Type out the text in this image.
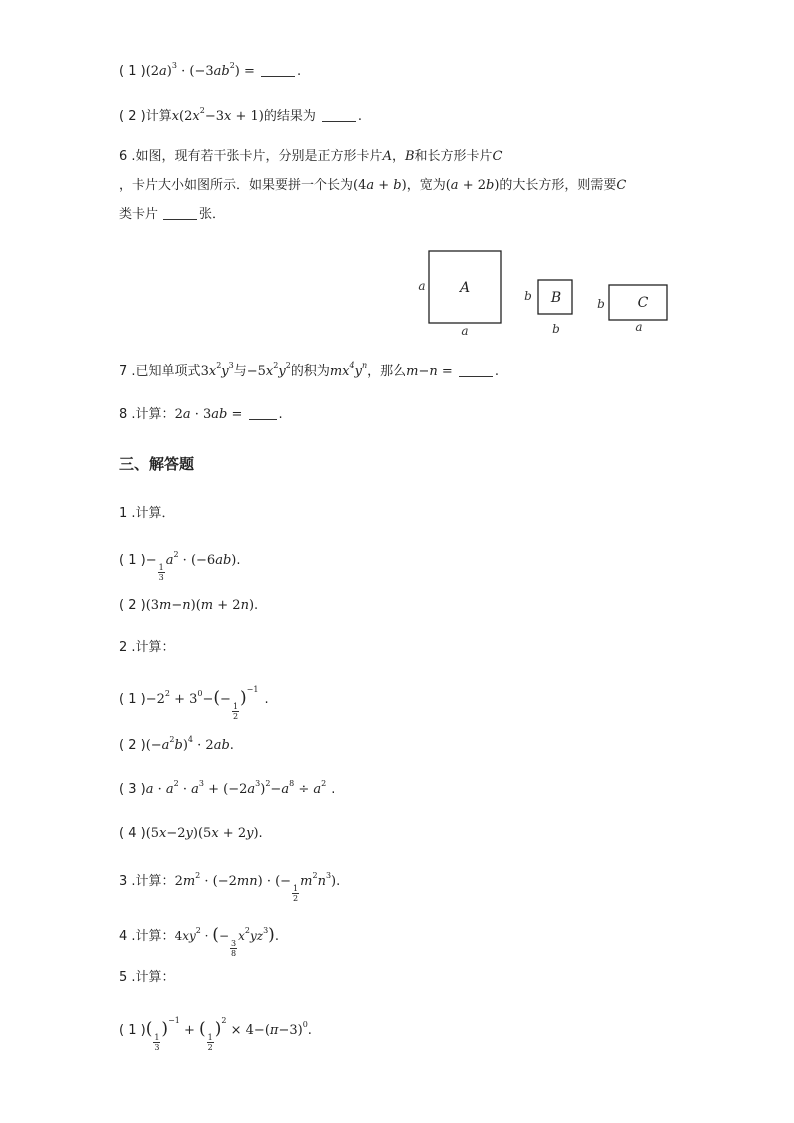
( 1 )$(2a)^3 \cdot (-3ab^2)$ =	.
( 2 )计算$x(2x^2-3x + 1)$的结果为	.
6 .如图，现有若干张卡片，分别是正方形卡片A，B和长方形卡片C
，卡片大小如图所示．如果要拼一个长为(4a + b)，宽为(a + 2b)的大长方形，则需要C
类卡片	张．
A
a
a
B
b
b
C
b
a
7 .已知单项式$3x^2y^3$与$-5x^2y^2$的积为$mx^4y^n$，那么m−n =	.
8 .计算：2a · 3ab = .
三、解答题
1 .计算．
( 1 )−
$\frac{1}{3}$
$a^2 \cdot (-6ab)$.
( 2 )(3m−n)(m + 2n).
2 .计算：
( 1 )$-2^2 + 3^0-(-$
$\frac{1}{2}$
)$^{-1}$.
( 2 )$(-a^2b)^4 \cdot 2ab$.
( 3 )$a \cdot a^2 \cdot a^3 + (-2a^3)^2-a^8 \div a^2$ .
( 4 )(5x−2y)(5x + 2y).
3 .计算：$2m^2 \cdot (-2mn)$ · (−
$\frac{1}{2}$
$m^2n^3$).
4 .计算：$4xy^2$ · (−
$\frac{3}{8}$
$x^2yz^3$).
5 .计算：
( 1 )(
$\frac{1}{3}$
)$^{-1}$ + (
$\frac{1}{2}$
)$^2 \times 4-(\pi-3)^0$.
